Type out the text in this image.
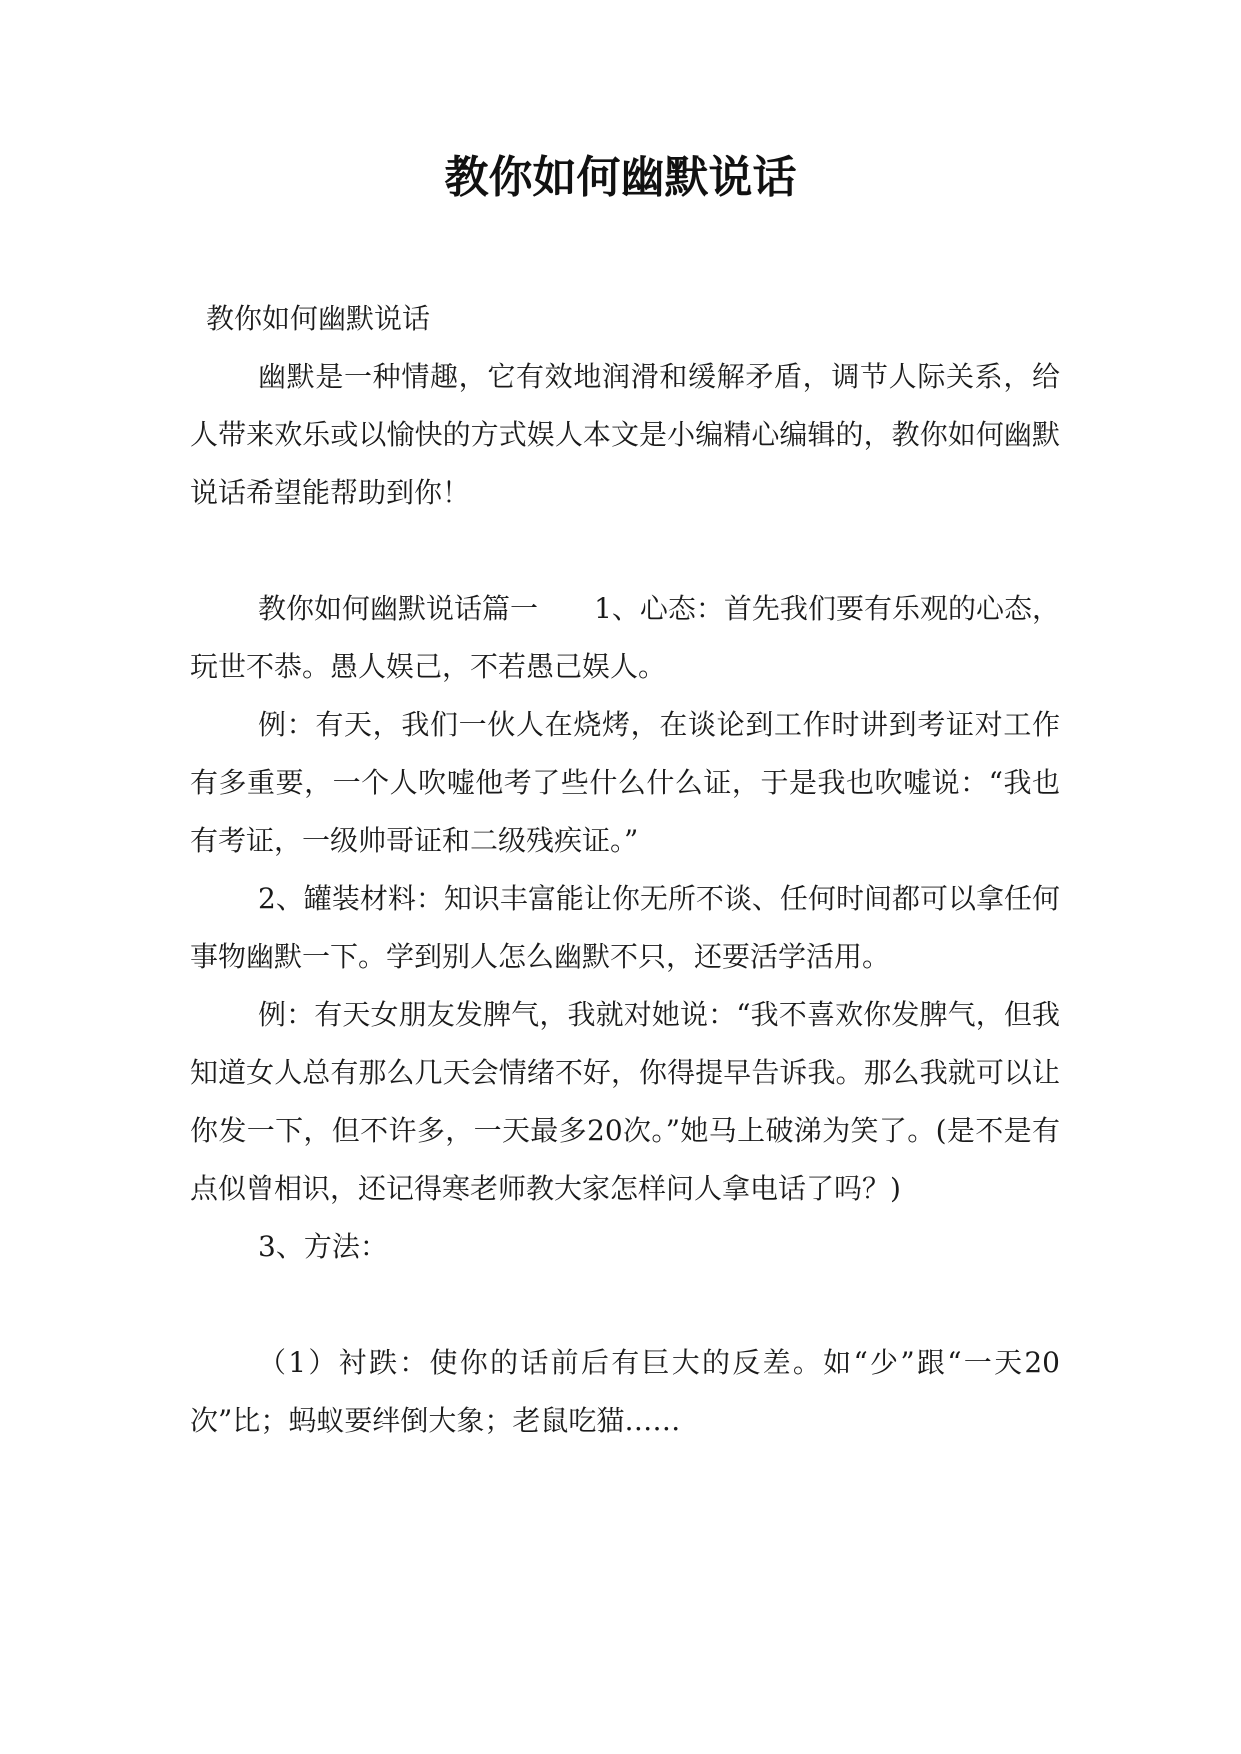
教你如何幽默说话

教你如何幽默说话

幽默是一种情趣，它有效地润滑和缓解矛盾，调节人际关系，给人带来欢乐或以愉快的方式娱人本文是小编精心编辑的，教你如何幽默说话希望能帮助到你！

教你如何幽默说话篇一　　1、心态：首先我们要有乐观的心态，玩世不恭。愚人娱己，不若愚己娱人。

例：有天，我们一伙人在烧烤，在谈论到工作时讲到考证对工作有多重要，一个人吹嘘他考了些什么什么证，于是我也吹嘘说：“我也有考证，一级帅哥证和二级残疾证。”

2、罐装材料：知识丰富能让你无所不谈、任何时间都可以拿任何事物幽默一下。学到别人怎么幽默不只，还要活学活用。

例：有天女朋友发脾气，我就对她说：“我不喜欢你发脾气，但我知道女人总有那么几天会情绪不好，你得提早告诉我。那么我就可以让你发一下，但不许多，一天最多20次。”她马上破涕为笑了。(是不是有点似曾相识，还记得寒老师教大家怎样问人拿电话了吗？)

3、方法：

（1）衬跌：使你的话前后有巨大的反差。如“少”跟“一天20次”比；蚂蚁要绊倒大象；老鼠吃猫……
